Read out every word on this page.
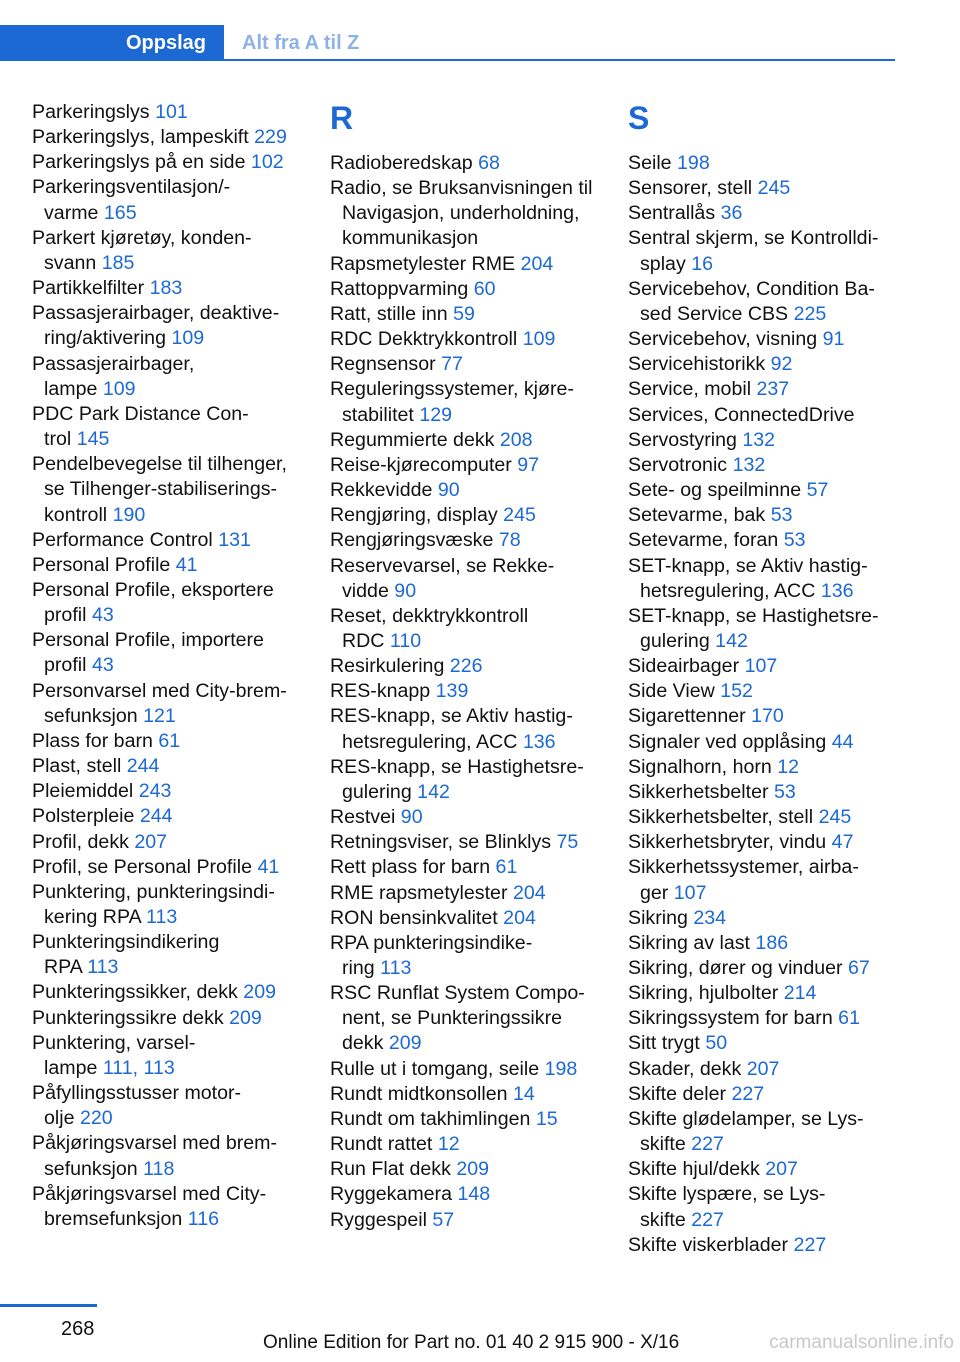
Oppslag	Alt fra A til Z
Parkeringslys 101
Parkeringslys, lampeskift 229
Parkeringslys på en side 102
Parkeringsventilasjon/-
varme 165
Parkert kjøretøy, konden-
svann 185
Partikkelfilter 183
Passasjerairbager, deaktive-
ring/aktivering 109
Passasjerairbager,
lampe 109
PDC Park Distance Con-
trol 145
Pendelbevegelse til tilhenger,
se Tilhenger-stabiliserings-
kontroll 190
Performance Control 131
Personal Profile 41
Personal Profile, eksportere
profil 43
Personal Profile, importere
profil 43
Personvarsel med City-brem-
sefunksjon 121
Plass for barn 61
Plast, stell 244
Pleiemiddel 243
Polsterpleie 244
Profil, dekk 207
Profil, se Personal Profile 41
Punktering, punkteringsindi-
kering RPA 113
Punkteringsindikering
RPA 113
Punkteringssikker, dekk 209
Punkteringssikre dekk 209
Punktering, varsel-
lampe 111, 113
Påfyllingsstusser motor-
olje 220
Påkjøringsvarsel med brem-
sefunksjon 118
Påkjøringsvarsel med City-
bremsefunksjon 116
R
Radioberedskap 68
Radio, se Bruksanvisningen til
Navigasjon, underholdning,
kommunikasjon
Rapsmetylester RME 204
Rattoppvarming 60
Ratt, stille inn 59
RDC Dekktrykkontroll 109
Regnsensor 77
Reguleringssystemer, kjøre-
stabilitet 129
Regummierte dekk 208
Reise-kjørecomputer 97
Rekkevidde 90
Rengjøring, display 245
Rengjøringsvæske 78
Reservevarsel, se Rekke-
vidde 90
Reset, dekktrykkontroll
RDC 110
Resirkulering 226
RES-knapp 139
RES-knapp, se Aktiv hastig-
hetsregulering, ACC 136
RES-knapp, se Hastighetsre-
gulering 142
Restvei 90
Retningsviser, se Blinklys 75
Rett plass for barn 61
RME rapsmetylester 204
RON bensinkvalitet 204
RPA punkteringsindike-
ring 113
RSC Runflat System Compo-
nent, se Punkteringssikre
dekk 209
Rulle ut i tomgang, seile 198
Rundt midtkonsollen 14
Rundt om takhimlingen 15
Rundt rattet 12
Run Flat dekk 209
Ryggekamera 148
Ryggespeil 57
S
Seile 198
Sensorer, stell 245
Sentrallås 36
Sentral skjerm, se Kontrolldi-
splay 16
Servicebehov, Condition Ba-
sed Service CBS 225
Servicebehov, visning 91
Servicehistorikk 92
Service, mobil 237
Services, ConnectedDrive
Servostyring 132
Servotronic 132
Sete- og speilminne 57
Setevarme, bak 53
Setevarme, foran 53
SET-knapp, se Aktiv hastig-
hetsregulering, ACC 136
SET-knapp, se Hastighetsre-
gulering 142
Sideairbager 107
Side View 152
Sigarettenner 170
Signaler ved opplåsing 44
Signalhorn, horn 12
Sikkerhetsbelter 53
Sikkerhetsbelter, stell 245
Sikkerhetsbryter, vindu 47
Sikkerhetssystemer, airba-
ger 107
Sikring 234
Sikring av last 186
Sikring, dører og vinduer 67
Sikring, hjulbolter 214
Sikringssystem for barn 61
Sitt trygt 50
Skader, dekk 207
Skifte deler 227
Skifte glødelamper, se Lys-
skifte 227
Skifte hjul/dekk 207
Skifte lyspære, se Lys-
skifte 227
Skifte viskerblader 227
268
Online Edition for Part no. 01 40 2 915 900 - X/16	carmanualsonline.info
